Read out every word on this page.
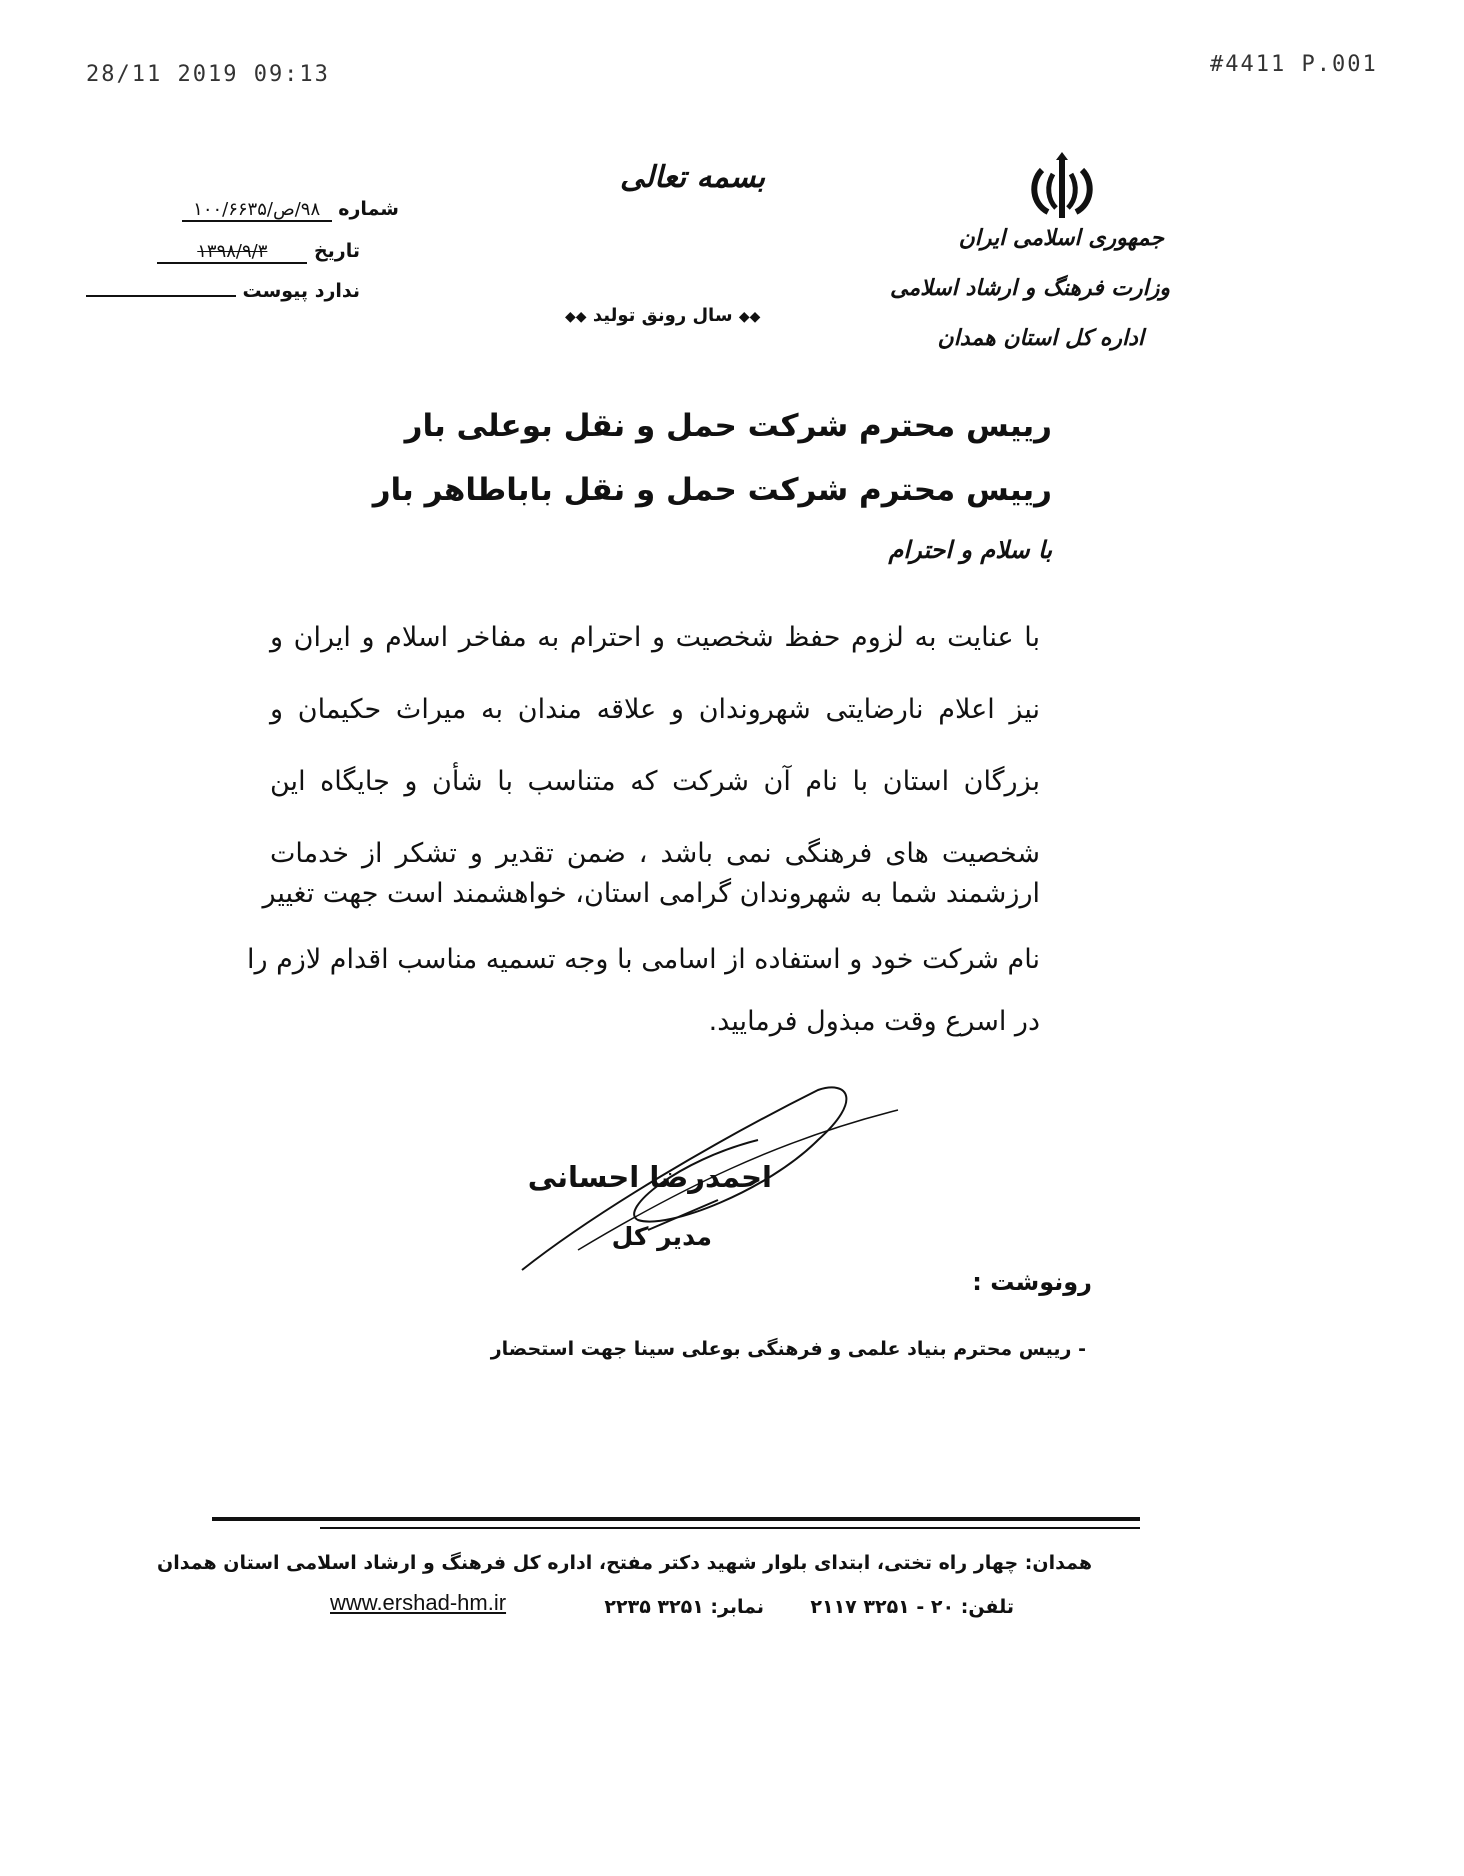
28/11 2019 09:13	#4411 P.001
جمهوری اسلامی ایران
وزارت فرهنگ و ارشاد اسلامی
اداره کل استان همدان
بسمه تعالی
◆◆ سال رونق تولید ◆◆
شماره ۹۸/ص/۱۰۰/۶۶۳۵
تاریخ ۱۳۹۸/۹/۳
ندارد پیوست
رییس محترم شرکت حمل و نقل بوعلی بار
رییس محترم شرکت حمل و نقل باباطاهر بار
با سلام و احترام
با عنایت به لزوم حفظ شخصیت و احترام به مفاخر اسلام و ایران و
نیز اعلام نارضایتی شهروندان و علاقه مندان به میراث حکیمان و
بزرگان استان با نام آن شرکت که متناسب با شأن و جایگاه این
شخصیت های فرهنگی نمی باشد ، ضمن تقدیر و تشکر از خدمات
ارزشمند شما به شهروندان گرامی استان، خواهشمند است جهت تغییر
نام شرکت خود و استفاده از اسامی با وجه تسمیه مناسب اقدام لازم را
در اسرع وقت مبذول فرمایید.
احمدرضا احسانی
مدیر کل
رونوشت :
- رییس محترم بنیاد علمی و فرهنگی بوعلی سینا جهت استحضار
همدان: چهار راه تختی، ابتدای بلوار شهید دکتر مفتح، اداره کل فرهنگ و ارشاد اسلامی استان همدان
تلفن: ۲۰ - ۳۲۵۱ ۲۱۱۷
نمابر: ۳۲۵۱ ۲۲۳۵
www.ershad-hm.ir
